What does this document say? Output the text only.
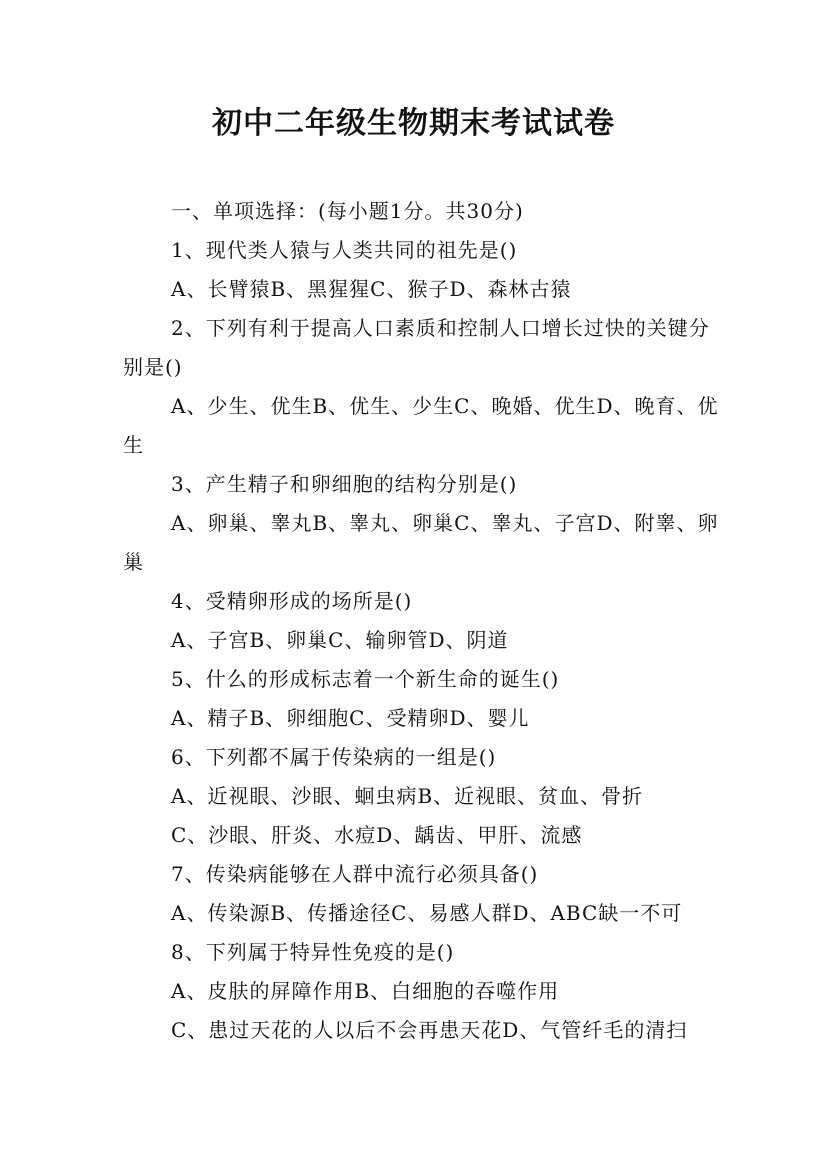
初中二年级生物期末考试试卷

一、单项选择：(每小题1分。共30分)

1、现代类人猿与人类共同的祖先是()

A、长臂猿B、黑猩猩C、猴子D、森林古猿

2、下列有利于提高人口素质和控制人口增长过快的关键分别是()

A、少生、优生B、优生、少生C、晚婚、优生D、晚育、优生

3、产生精子和卵细胞的结构分别是()

A、卵巢、睾丸B、睾丸、卵巢C、睾丸、子宫D、附睾、卵巢

4、受精卵形成的场所是()

A、子宫B、卵巢C、输卵管D、阴道

5、什么的形成标志着一个新生命的诞生()

A、精子B、卵细胞C、受精卵D、婴儿

6、下列都不属于传染病的一组是()

A、近视眼、沙眼、蛔虫病B、近视眼、贫血、骨折

C、沙眼、肝炎、水痘D、龋齿、甲肝、流感

7、传染病能够在人群中流行必须具备()

A、传染源B、传播途径C、易感人群D、ABC缺一不可

8、下列属于特异性免疫的是()

A、皮肤的屏障作用B、白细胞的吞噬作用

C、患过天花的人以后不会再患天花D、气管纤毛的清扫
